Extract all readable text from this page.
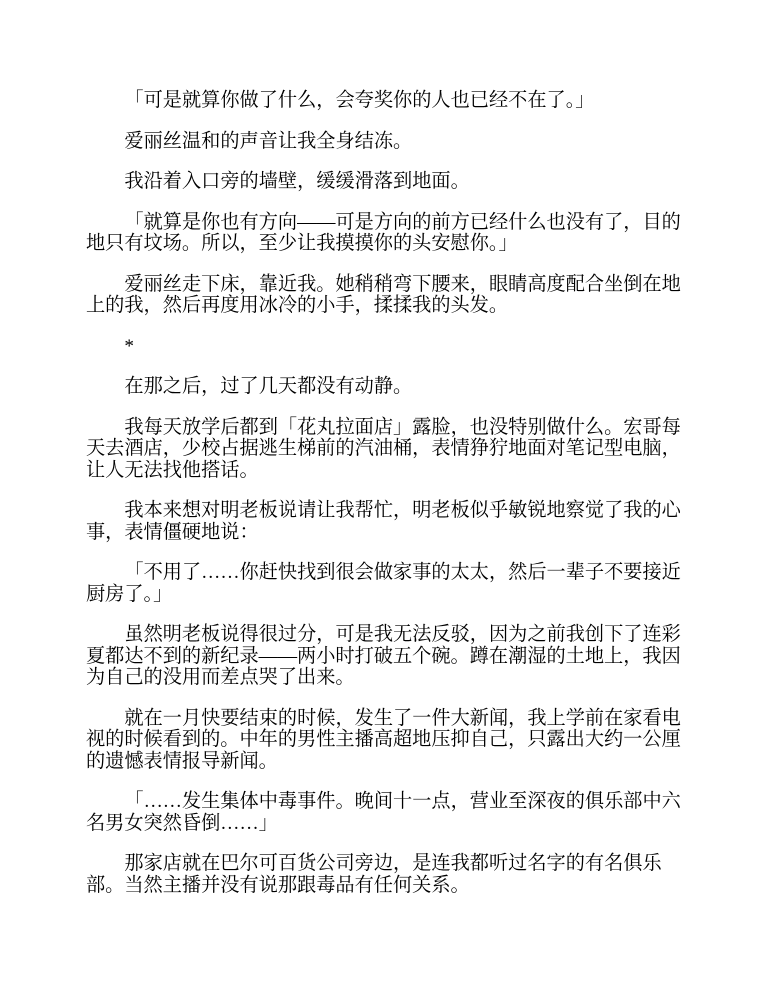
「可是就算你做了什么，会夸奖你的人也已经不在了。」
爱丽丝温和的声音让我全身结冻。
我沿着入口旁的墙壁，缓缓滑落到地面。
「就算是你也有方向——可是方向的前方已经什么也没有了，目的
地只有坟场。所以，至少让我摸摸你的头安慰你。」
爱丽丝走下床，靠近我。她稍稍弯下腰来，眼睛高度配合坐倒在地
上的我，然后再度用冰冷的小手，揉揉我的头发。
*
在那之后，过了几天都没有动静。
我每天放学后都到「花丸拉面店」露脸，也没特别做什么。宏哥每
天去酒店，少校占据逃生梯前的汽油桶，表情狰狞地面对笔记型电脑，
让人无法找他搭话。
我本来想对明老板说请让我帮忙，明老板似乎敏锐地察觉了我的心
事，表情僵硬地说：
「不用了……你赶快找到很会做家事的太太，然后一辈子不要接近
厨房了。」
虽然明老板说得很过分，可是我无法反驳，因为之前我创下了连彩
夏都达不到的新纪录——两小时打破五个碗。蹲在潮湿的土地上，我因
为自己的没用而差点哭了出来。
就在一月快要结束的时候，发生了一件大新闻，我上学前在家看电
视的时候看到的。中年的男性主播高超地压抑自己，只露出大约一公厘
的遗憾表情报导新闻。
「……发生集体中毒事件。晚间十一点，营业至深夜的俱乐部中六
名男女突然昏倒……」
那家店就在巴尔可百货公司旁边，是连我都听过名字的有名俱乐
部。当然主播并没有说那跟毒品有任何关系。
